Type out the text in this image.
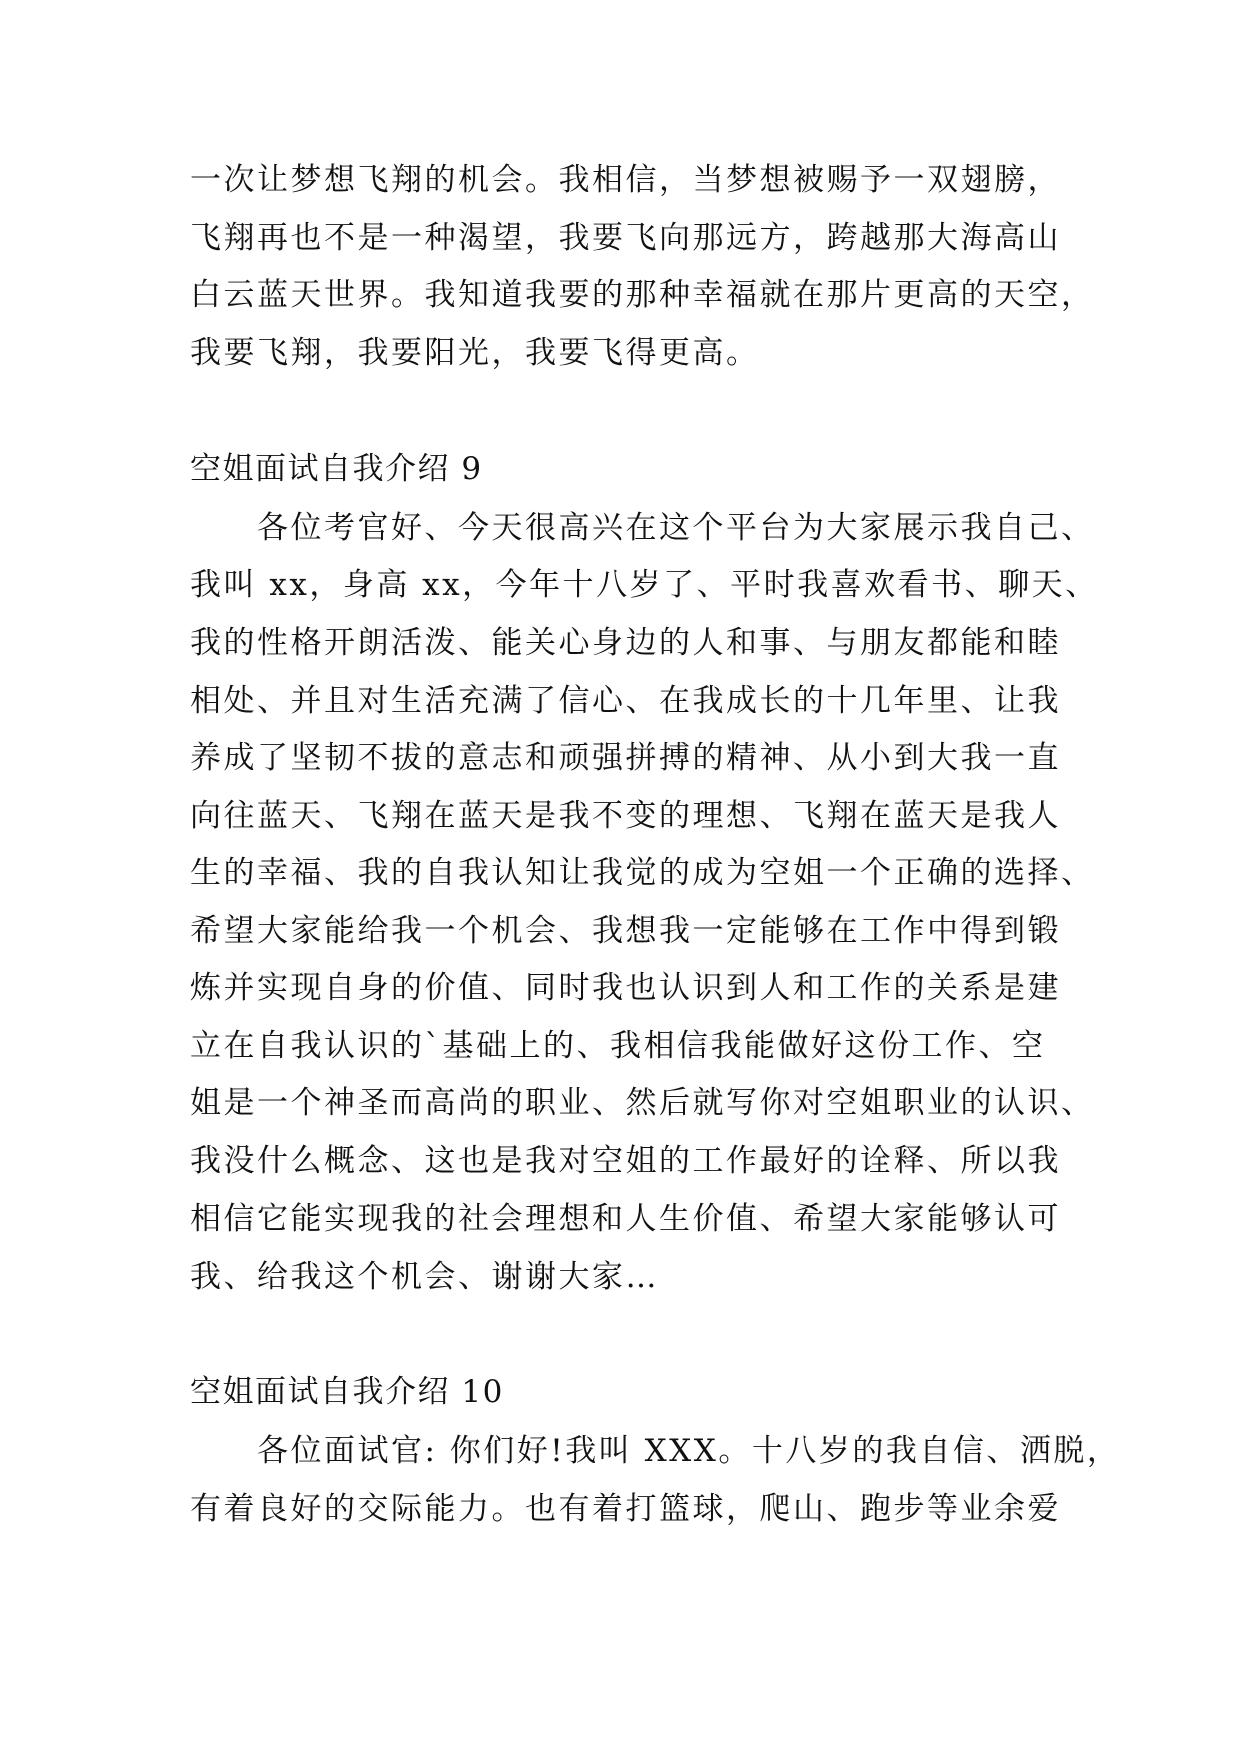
一次让梦想飞翔的机会。我相信，当梦想被赐予一双翅膀，
飞翔再也不是一种渴望，我要飞向那远方，跨越那大海高山
白云蓝天世界。我知道我要的那种幸福就在那片更高的天空，
我要飞翔，我要阳光，我要飞得更高。
空姐面试自我介绍 9
　　各位考官好、今天很高兴在这个平台为大家展示我自己、
我叫 xx，身高 xx，今年十八岁了、平时我喜欢看书、聊天、
我的性格开朗活泼、能关心身边的人和事、与朋友都能和睦
相处、并且对生活充满了信心、在我成长的十几年里、让我
养成了坚韧不拔的意志和顽强拼搏的精神、从小到大我一直
向往蓝天、飞翔在蓝天是我不变的理想、飞翔在蓝天是我人
生的幸福、我的自我认知让我觉的成为空姐一个正确的选择、
希望大家能给我一个机会、我想我一定能够在工作中得到锻
炼并实现自身的价值、同时我也认识到人和工作的关系是建
立在自我认识的`基础上的、我相信我能做好这份工作、空
姐是一个神圣而高尚的职业、然后就写你对空姐职业的认识、
我没什么概念、这也是我对空姐的工作最好的诠释、所以我
相信它能实现我的社会理想和人生价值、希望大家能够认可
我、给我这个机会、谢谢大家…
空姐面试自我介绍 10
　　各位面试官: 你们好!我叫 XXX。十八岁的我自信、洒脱，
有着良好的交际能力。也有着打篮球，爬山、跑步等业余爱
